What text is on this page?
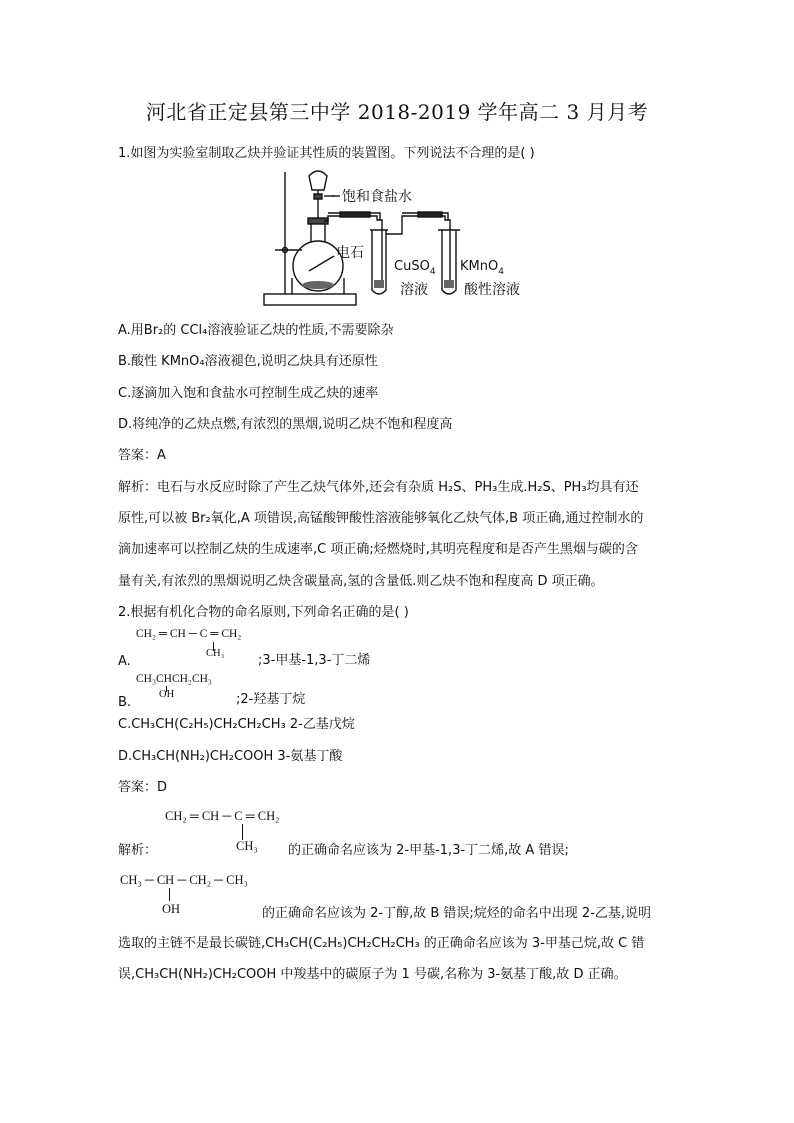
河北省正定县第三中学 2018-2019 学年高二 3 月月考
1.如图为实验室制取乙炔并验证其性质的装置图。下列说法不合理的是( )
饱和食盐水
电石
CuSO$_4$
溶液
KMnO$_4$
酸性溶液
A.用Br₂的 CCl₄溶液验证乙炔的性质,不需要除杂
B.酸性 KMnO₄溶液褪色,说明乙炔具有还原性
C.逐滴加入饱和食盐水可控制生成乙炔的速率
D.将纯净的乙炔点燃,有浓烈的黑烟,说明乙炔不饱和程度高
答案：A
解析：电石与水反应时除了产生乙炔气体外,还会有杂质 H₂S、PH₃生成.H₂S、PH₃均具有还
原性,可以被 Br₂氧化,A 项错误,高锰酸钾酸性溶液能够氧化乙炔气体,B 项正确,通过控制水的
滴加速率可以控制乙炔的生成速率,C 项正确;烃燃烧时,其明亮程度和是否产生黑烟与碳的含
量有关,有浓烈的黑烟说明乙炔含碳量高,氢的含量低.则乙炔不饱和程度高 D 项正确。
2.根据有机化合物的命名原则,下列命名正确的是( )
CH₂ ═ CH ─ C ═ CH₂
CH₃
A.	;3-甲基-1,3-丁二烯
CH₃CHCH₂CH₃
OH
B.	;2-羟基丁烷
C.CH₃CH(C₂H₅)CH₂CH₂CH₃ 2-乙基戊烷
D.CH₃CH(NH₂)CH₂COOH 3-氨基丁酸
答案：D
CH₂ ═ CH ─ C ═ CH₂
CH₃
解析：	的正确命名应该为 2-甲基-1,3-丁二烯,故 A 错误;
CH₃ ─ CH ─ CH₂ ─ CH₃
OH	的正确命名应该为 2-丁醇,故 B 错误;烷烃的命名中出现 2-乙基,说明
选取的主链不是最长碳链,CH₃CH(C₂H₅)CH₂CH₂CH₃ 的正确命名应该为 3-甲基己烷,故 C 错
误,CH₃CH(NH₂)CH₂COOH 中羧基中的碳原子为 1 号碳,名称为 3-氨基丁酸,故 D 正确。
